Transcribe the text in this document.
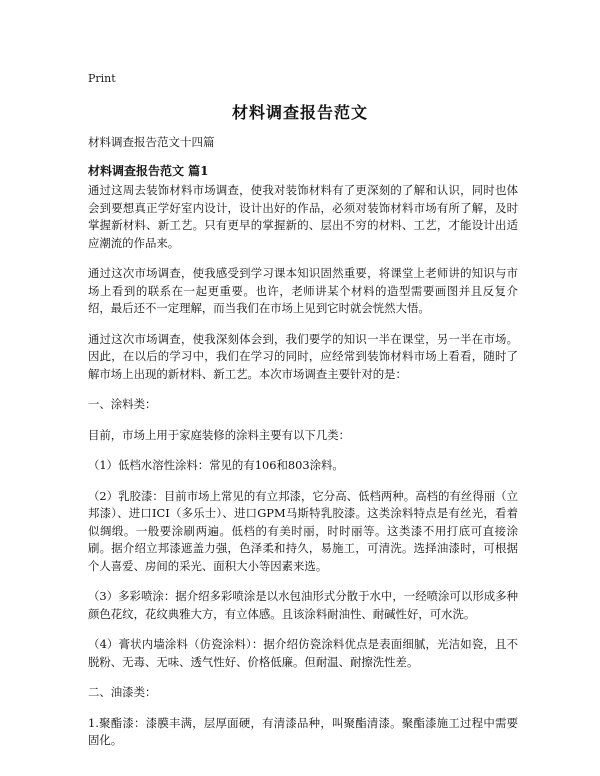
Print
材料调查报告范文
材料调查报告范文十四篇
材料调查报告范文 篇1

通过这周去装饰材料市场调查，使我对装饰材料有了更深刻的了解和认识，同时也体会到要想真正学好室内设计，设计出好的作品，必须对装饰材料市场有所了解，及时掌握新材料、新工艺。只有更早的掌握新的、层出不穷的材料、工艺，才能设计出适应潮流的作品来。

通过这次市场调查，使我感受到学习课本知识固然重要，将课堂上老师讲的知识与市场上看到的联系在一起更重要。也许，老师讲某个材料的造型需要画图并且反复介绍，最后还不一定理解，而当我们在市场上见到它时就会恍然大悟。

通过这次市场调查，使我深刻体会到，我们要学的知识一半在课堂，另一半在市场。因此，在以后的学习中，我们在学习的同时，应经常到装饰材料市场上看看，随时了解市场上出现的新材料、新工艺。本次市场调查主要针对的是：

一、涂料类：

目前，市场上用于家庭装修的涂料主要有以下几类：

（1）低档水溶性涂料：常见的有106和803涂料。

（2）乳胶漆：目前市场上常见的有立邦漆，它分高、低档两种。高档的有丝得丽（立邦漆）、进口ICI（多乐士）、进口GPM马斯特乳胶漆。这类涂料特点是有丝光，看着似绸缎。一般要涂刷两遍。低档的有美时丽，时时丽等。这类漆不用打底可直接涂刷。据介绍立邦漆遮盖力强，色泽柔和持久，易施工，可清洗。选择油漆时，可根据个人喜爱、房间的采光、面积大小等因素来选。

（3）多彩喷涂：据介绍多彩喷涂是以水包油形式分散于水中，一经喷涂可以形成多种颜色花纹，花纹典雅大方，有立体感。且该涂料耐油性、耐碱性好，可水洗。

（4）膏状内墙涂料（仿瓷涂料）：据介绍仿瓷涂料优点是表面细腻，光洁如瓷，且不脱粉、无毒、无味、透气性好、价格低廉。但耐温、耐擦洗性差。

二、油漆类：

1.聚酯漆：漆膜丰满，层厚面硬，有清漆品种，叫聚酯清漆。聚酯漆施工过程中需要固化。
